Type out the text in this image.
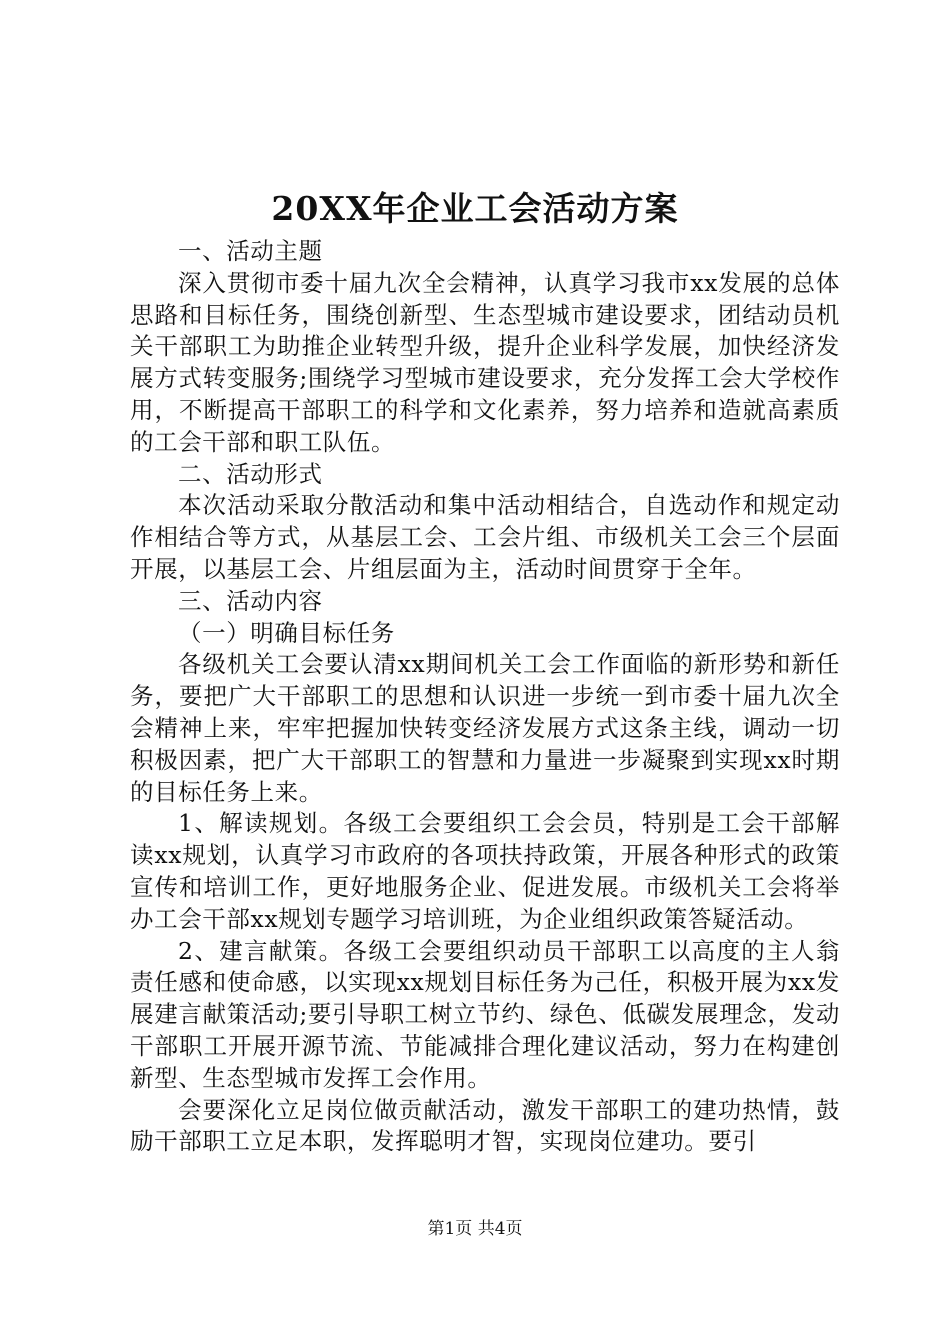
20XX年企业工会活动方案

一、活动主题

深入贯彻市委十届九次全会精神，认真学习我市xx发展的总体思路和目标任务，围绕创新型、生态型城市建设要求，团结动员机关干部职工为助推企业转型升级，提升企业科学发展，加快经济发展方式转变服务;围绕学习型城市建设要求，充分发挥工会大学校作用，不断提高干部职工的科学和文化素养，努力培养和造就高素质的工会干部和职工队伍。

二、活动形式

本次活动采取分散活动和集中活动相结合，自选动作和规定动作相结合等方式，从基层工会、工会片组、市级机关工会三个层面开展，以基层工会、片组层面为主，活动时间贯穿于全年。

三、活动内容

（一）明确目标任务

各级机关工会要认清xx期间机关工会工作面临的新形势和新任务，要把广大干部职工的思想和认识进一步统一到市委十届九次全会精神上来，牢牢把握加快转变经济发展方式这条主线，调动一切积极因素，把广大干部职工的智慧和力量进一步凝聚到实现xx时期的目标任务上来。

1、解读规划。各级工会要组织工会会员，特别是工会干部解读xx规划，认真学习市政府的各项扶持政策，开展各种形式的政策宣传和培训工作，更好地服务企业、促进发展。市级机关工会将举办工会干部xx规划专题学习培训班，为企业组织政策答疑活动。

2、建言献策。各级工会要组织动员干部职工以高度的主人翁责任感和使命感，以实现xx规划目标任务为己任，积极开展为xx发展建言献策活动;要引导职工树立节约、绿色、低碳发展理念，发动干部职工开展开源节流、节能减排合理化建议活动，努力在构建创新型、生态型城市发挥工会作用。

会要深化立足岗位做贡献活动，激发干部职工的建功热情，鼓励干部职工立足本职，发挥聪明才智，实现岗位建功。要引

第1页 共4页
